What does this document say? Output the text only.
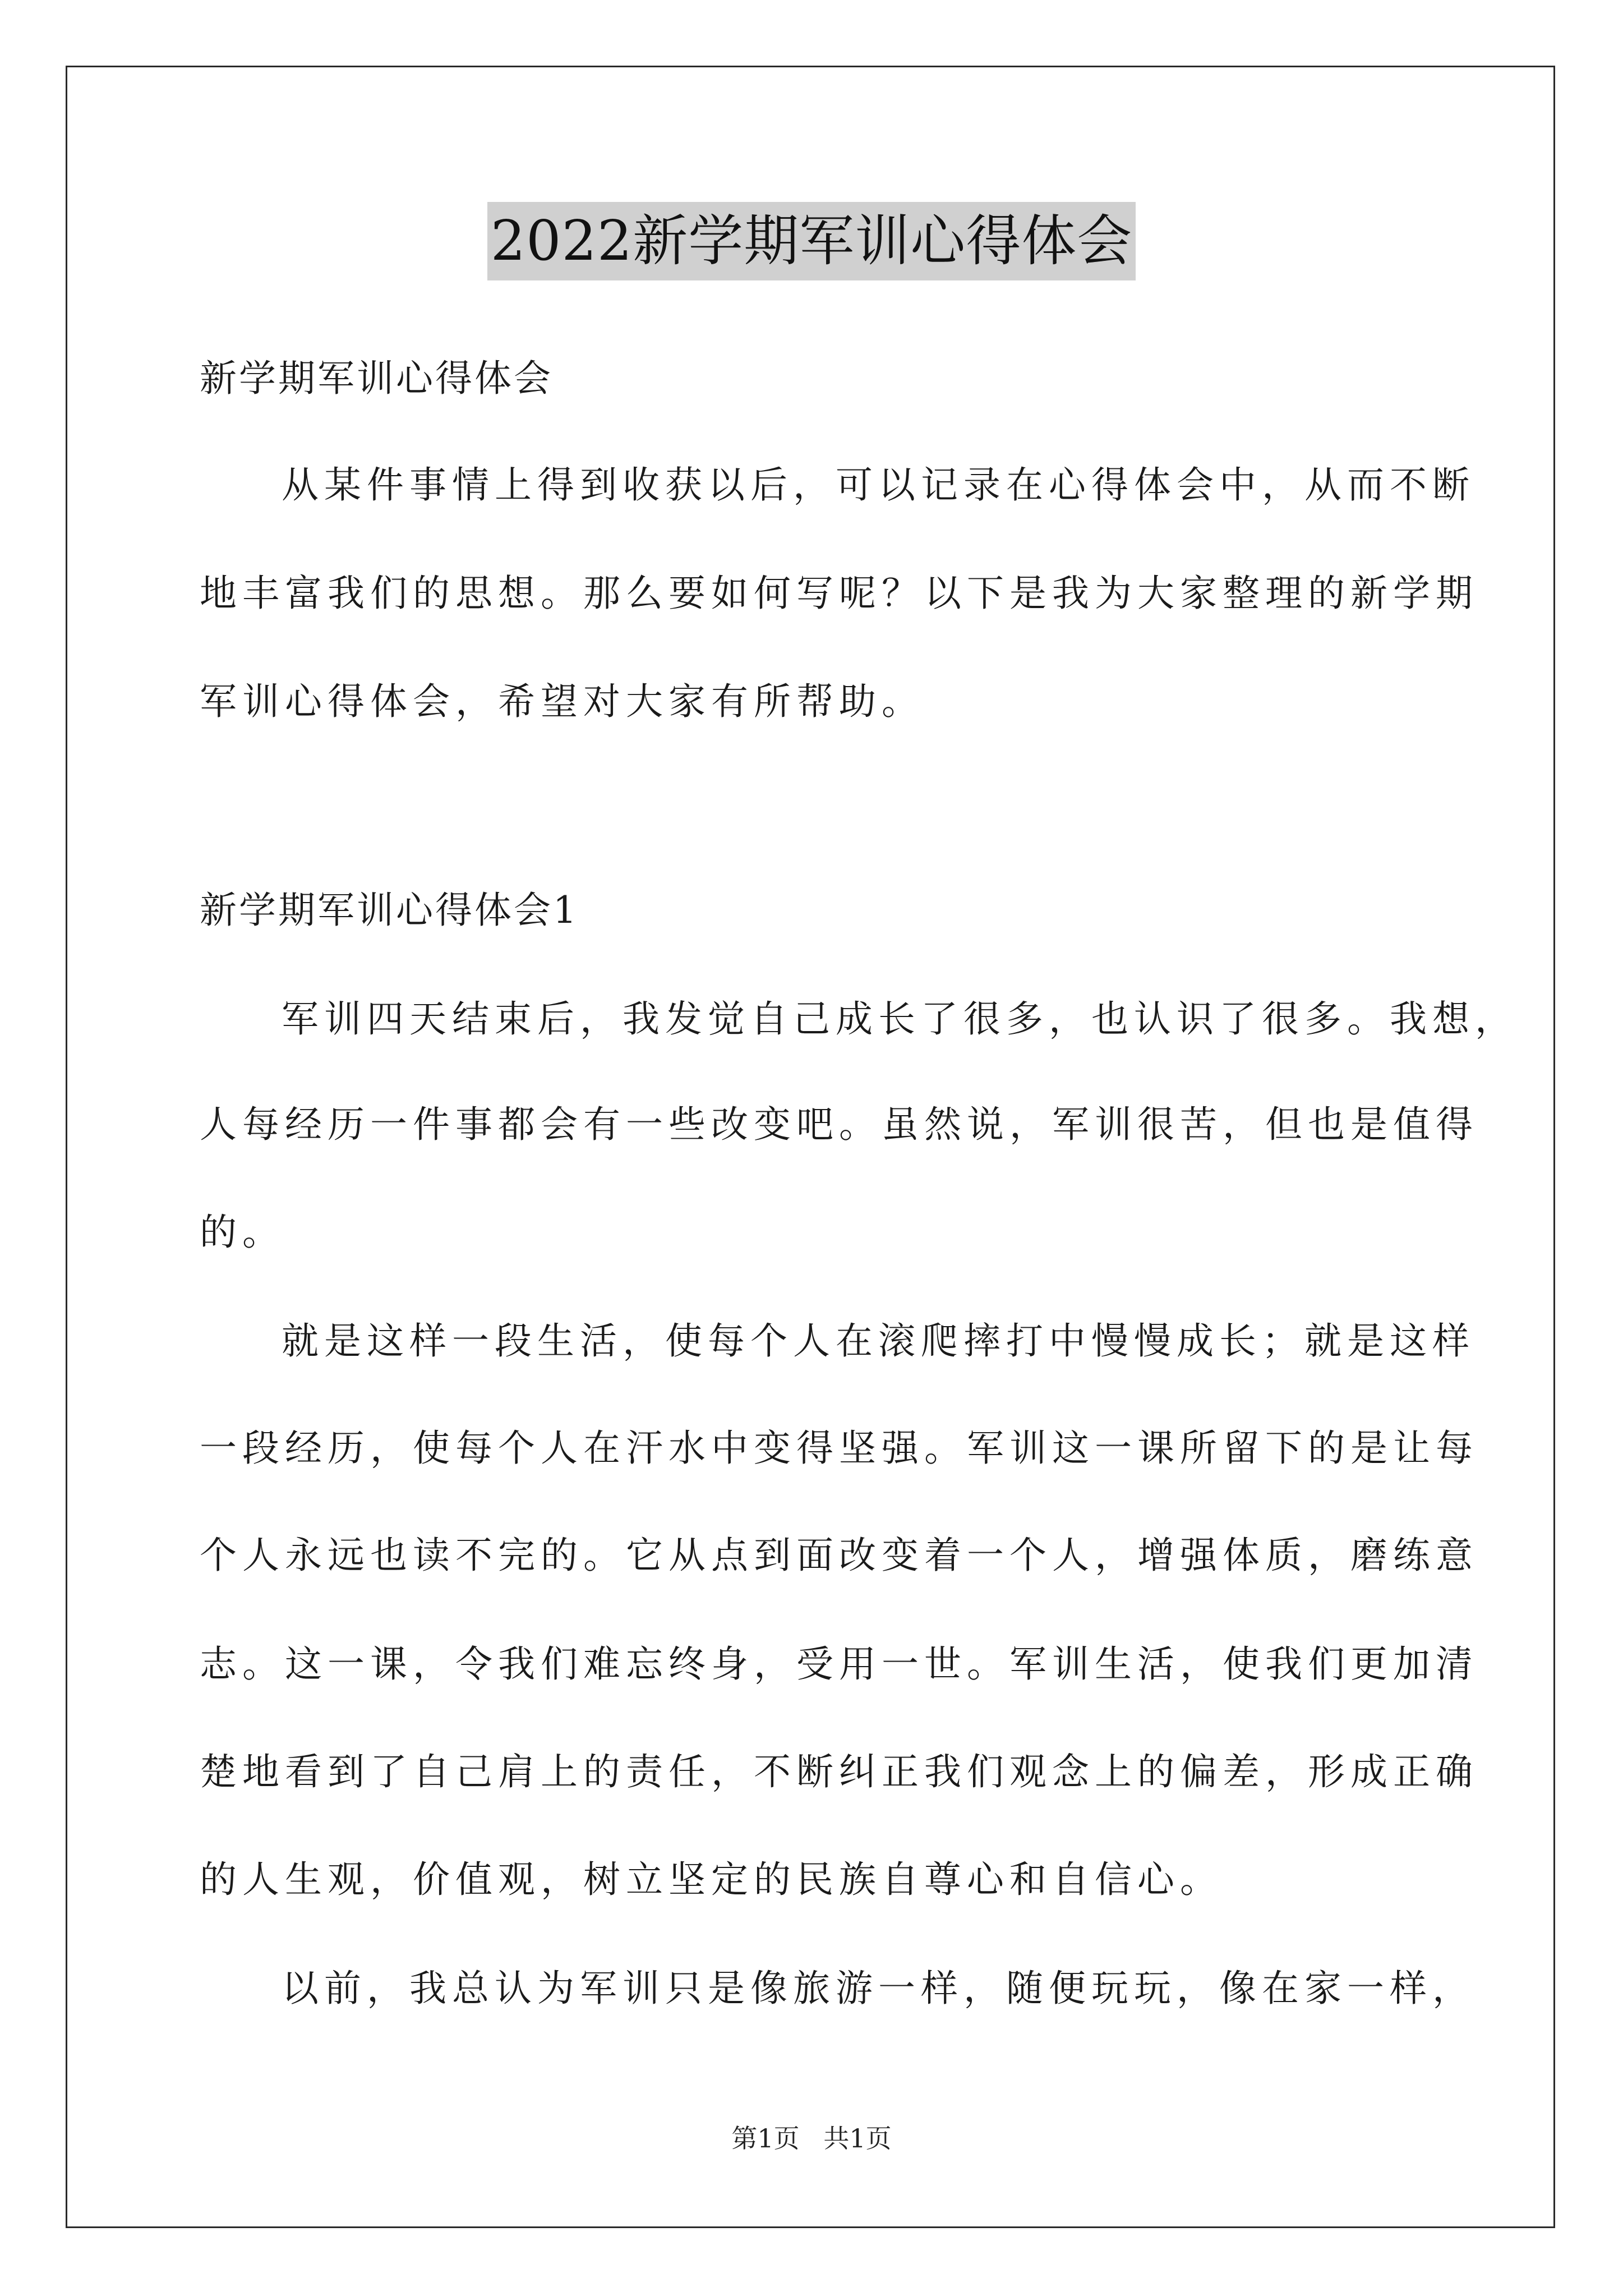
2022新学期军训心得体会
新学期军训心得体会
从某件事情上得到收获以后，可以记录在心得体会中，从而不断
地丰富我们的思想。那么要如何写呢？以下是我为大家整理的新学期
军训心得体会，希望对大家有所帮助。
新学期军训心得体会1
军训四天结束后，我发觉自己成长了很多，也认识了很多。我想，
人每经历一件事都会有一些改变吧。虽然说，军训很苦，但也是值得
的。
就是这样一段生活，使每个人在滚爬摔打中慢慢成长；就是这样
一段经历，使每个人在汗水中变得坚强。军训这一课所留下的是让每
个人永远也读不完的。它从点到面改变着一个人，增强体质，磨练意
志。这一课，令我们难忘终身，受用一世。军训生活，使我们更加清
楚地看到了自己肩上的责任，不断纠正我们观念上的偏差，形成正确
的人生观，价值观，树立坚定的民族自尊心和自信心。
以前，我总认为军训只是像旅游一样，随便玩玩，像在家一样，
第1页 共1页
